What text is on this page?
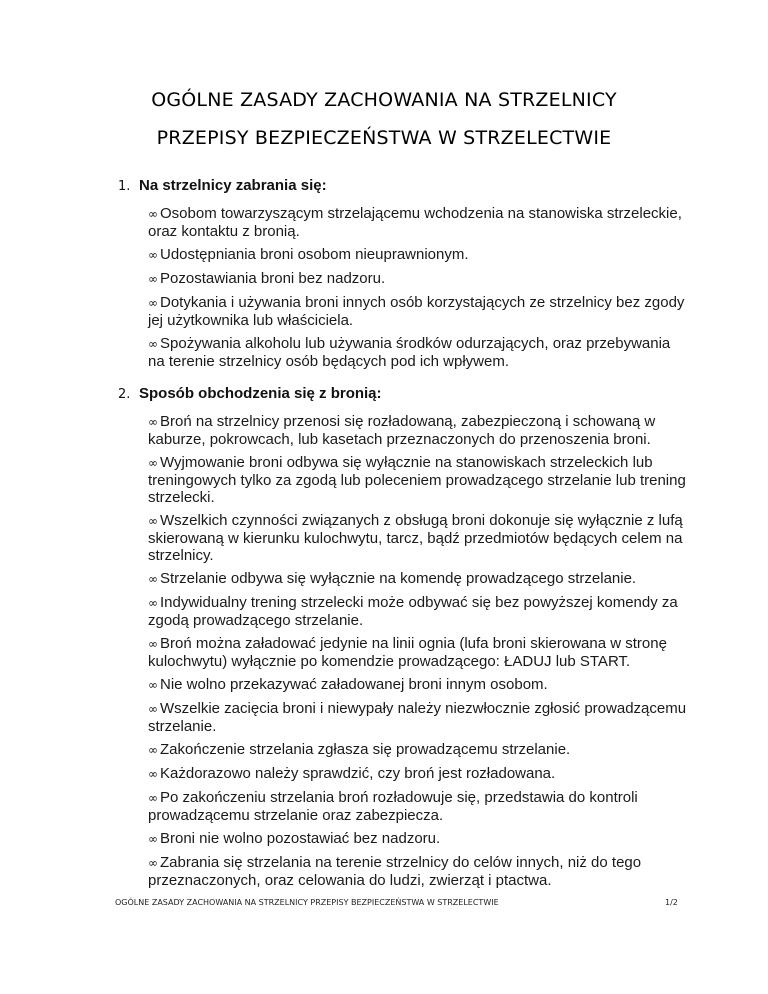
OGÓLNE ZASADY ZACHOWANIA NA STRZELNICY
PRZEPISY BEZPIECZEŃSTWA W STRZELECTWIE
1. Na strzelnicy zabrania się:
∞ Osobom towarzyszącym strzelającemu wchodzenia na stanowiska strzeleckie, oraz kontaktu z bronią.
∞ Udostępniania broni osobom nieuprawnionym.
∞ Pozostawiania broni bez nadzoru.
∞ Dotykania i używania broni innych osób korzystających ze strzelnicy bez zgody jej użytkownika lub właściciela.
∞ Spożywania alkoholu lub używania środków odurzających, oraz przebywania na terenie strzelnicy osób będących pod ich wpływem.
2. Sposób obchodzenia się z bronią:
∞ Broń na strzelnicy przenosi się rozładowaną, zabezpieczoną i schowaną w kaburze, pokrowcach, lub kasetach przeznaczonych do przenoszenia broni.
∞ Wyjmowanie broni odbywa się wyłącznie na stanowiskach strzeleckich lub treningowych tylko za zgodą lub poleceniem prowadzącego strzelanie lub trening strzelecki.
∞ Wszelkich czynności związanych z obsługą broni dokonuje się wyłącznie z lufą skierowaną w kierunku kulochwytu, tarcz, bądź przedmiotów będących celem na strzelnicy.
∞ Strzelanie odbywa się wyłącznie na komendę prowadzącego strzelanie.
∞ Indywidualny trening strzelecki może odbywać się bez powyższej komendy za zgodą prowadzącego strzelanie.
∞ Broń można załadować jedynie na linii ognia (lufa broni skierowana w stronę kulochwytu) wyłącznie po komendzie prowadzącego: ŁADUJ lub START.
∞ Nie wolno przekazywać załadowanej broni innym osobom.
∞ Wszelkie zacięcia broni i niewypały należy niezwłocznie zgłosić prowadzącemu strzelanie.
∞ Zakończenie strzelania zgłasza się prowadzącemu strzelanie.
∞ Każdorazowo należy sprawdzić, czy broń jest rozładowana.
∞ Po zakończeniu strzelania broń rozładowuje się, przedstawia do kontroli prowadzącemu strzelanie oraz zabezpiecza.
∞ Broni nie wolno pozostawiać bez nadzoru.
∞ Zabrania się strzelania na terenie strzelnicy do celów innych, niż do tego przeznaczonych, oraz celowania do ludzi, zwierząt i ptactwa.
OGÓLNE ZASADY ZACHOWANIA NA STRZELNICY PRZEPISY BEZPIECZEŃSTWA W STRZELECTWIE	1/2
